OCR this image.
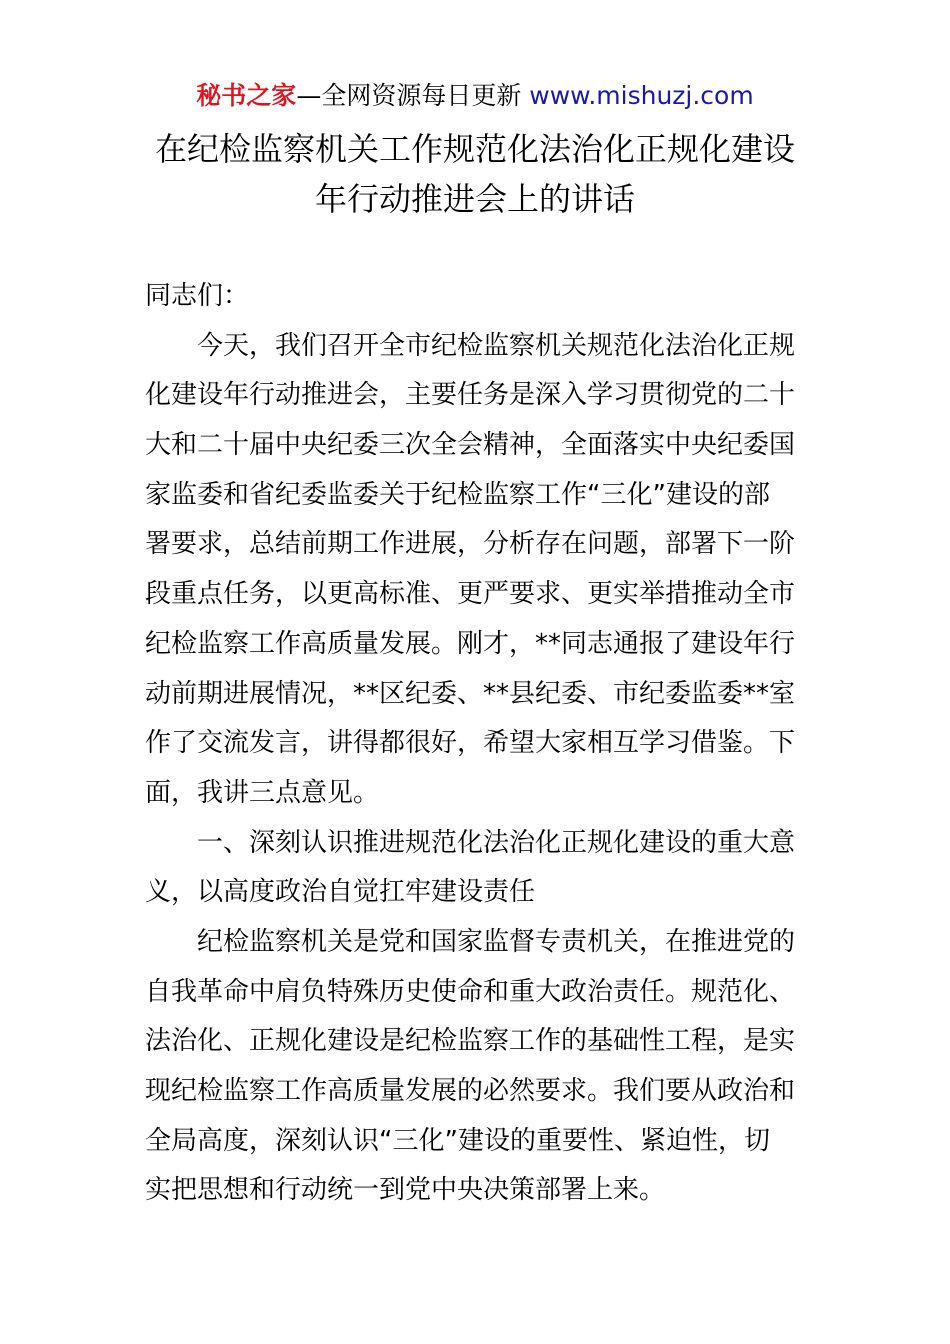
秘书之家—全网资源每日更新 www.mishuzj.com
在纪检监察机关工作规范化法治化正规化建设
年行动推进会上的讲话
同志们：
今天，我们召开全市纪检监察机关规范化法治化正规
化建设年行动推进会，主要任务是深入学习贯彻党的二十
大和二十届中央纪委三次全会精神，全面落实中央纪委国
家监委和省纪委监委关于纪检监察工作“三化”建设的部
署要求，总结前期工作进展，分析存在问题，部署下一阶
段重点任务，以更高标准、更严要求、更实举措推动全市
纪检监察工作高质量发展。刚才，**同志通报了建设年行
动前期进展情况，**区纪委、**县纪委、市纪委监委**室
作了交流发言，讲得都很好，希望大家相互学习借鉴。下
面，我讲三点意见。
一、深刻认识推进规范化法治化正规化建设的重大意
义，以高度政治自觉扛牢建设责任
纪检监察机关是党和国家监督专责机关，在推进党的
自我革命中肩负特殊历史使命和重大政治责任。规范化、
法治化、正规化建设是纪检监察工作的基础性工程，是实
现纪检监察工作高质量发展的必然要求。我们要从政治和
全局高度，深刻认识“三化”建设的重要性、紧迫性，切
实把思想和行动统一到党中央决策部署上来。
